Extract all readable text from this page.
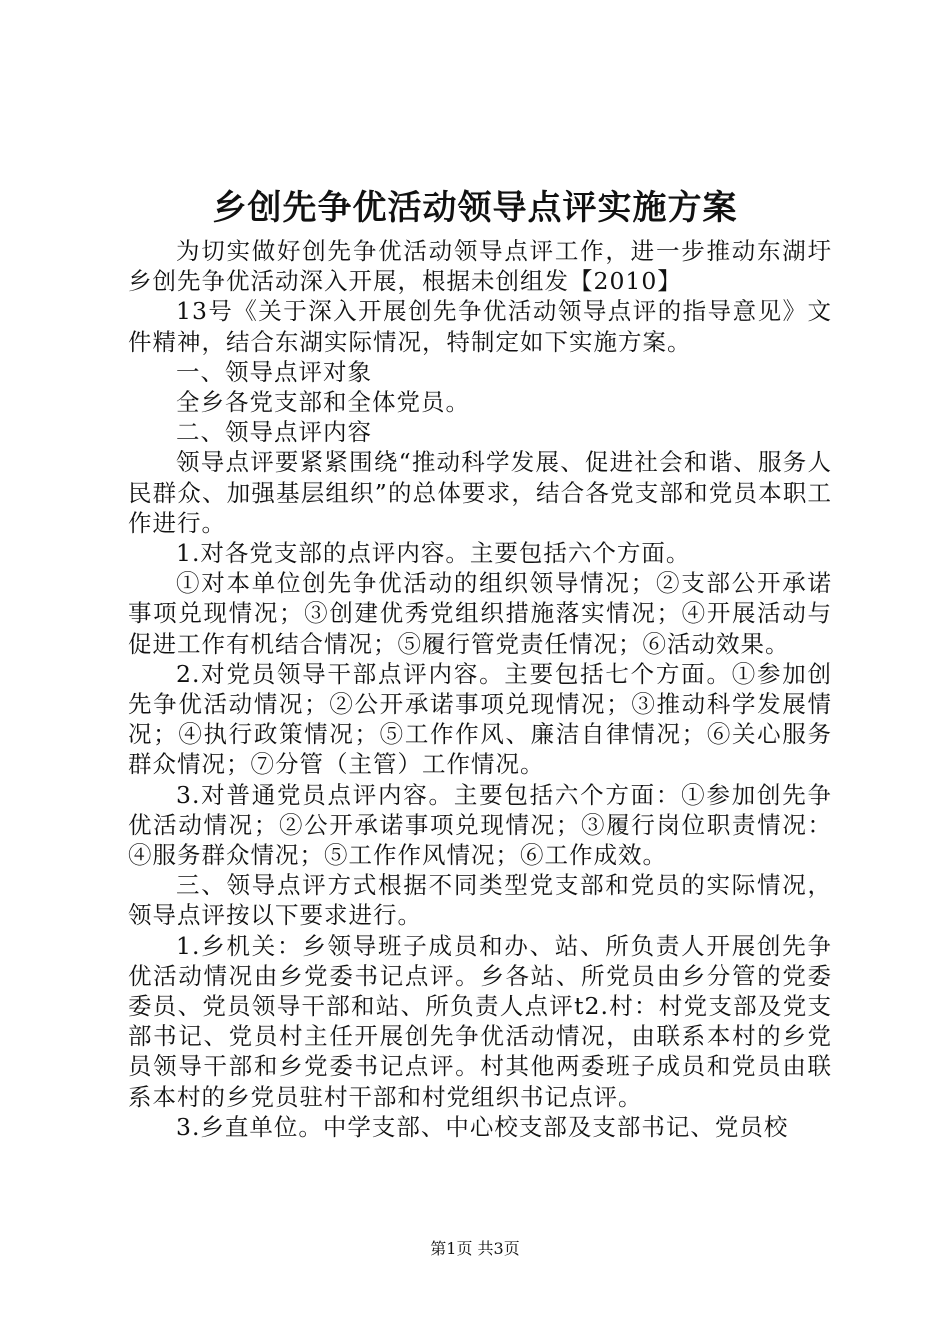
乡创先争优活动领导点评实施方案

为切实做好创先争优活动领导点评工作，进一步推动东湖圩乡创先争优活动深入开展，根据未创组发【2010】

13号《关于深入开展创先争优活动领导点评的指导意见》文件精神，结合东湖实际情况，特制定如下实施方案。

一、领导点评对象

全乡各党支部和全体党员。

二、领导点评内容

领导点评要紧紧围绕“推动科学发展、促进社会和谐、服务人民群众、加强基层组织”的总体要求，结合各党支部和党员本职工作进行。

1.对各党支部的点评内容。主要包括六个方面。

①对本单位创先争优活动的组织领导情况；②支部公开承诺事项兑现情况；③创建优秀党组织措施落实情况；④开展活动与促进工作有机结合情况；⑤履行管党责任情况；⑥活动效果。

2.对党员领导干部点评内容。主要包括七个方面。①参加创先争优活动情况；②公开承诺事项兑现情况；③推动科学发展情况；④执行政策情况；⑤工作作风、廉洁自律情况；⑥关心服务群众情况；⑦分管（主管）工作情况。

3.对普通党员点评内容。主要包括六个方面：①参加创先争优活动情况；②公开承诺事项兑现情况；③履行岗位职责情况：④服务群众情况；⑤工作作风情况；⑥工作成效。

三、领导点评方式根据不同类型党支部和党员的实际情况，领导点评按以下要求进行。

1.乡机关：乡领导班子成员和办、站、所负责人开展创先争优活动情况由乡党委书记点评。乡各站、所党员由乡分管的党委委员、党员领导干部和站、所负责人点评t2.村：村党支部及党支部书记、党员村主任开展创先争优活动情况，由联系本村的乡党员领导干部和乡党委书记点评。村其他两委班子成员和党员由联系本村的乡党员驻村干部和村党组织书记点评。

3.乡直单位。中学支部、中心校支部及支部书记、党员校

第1页 共3页
